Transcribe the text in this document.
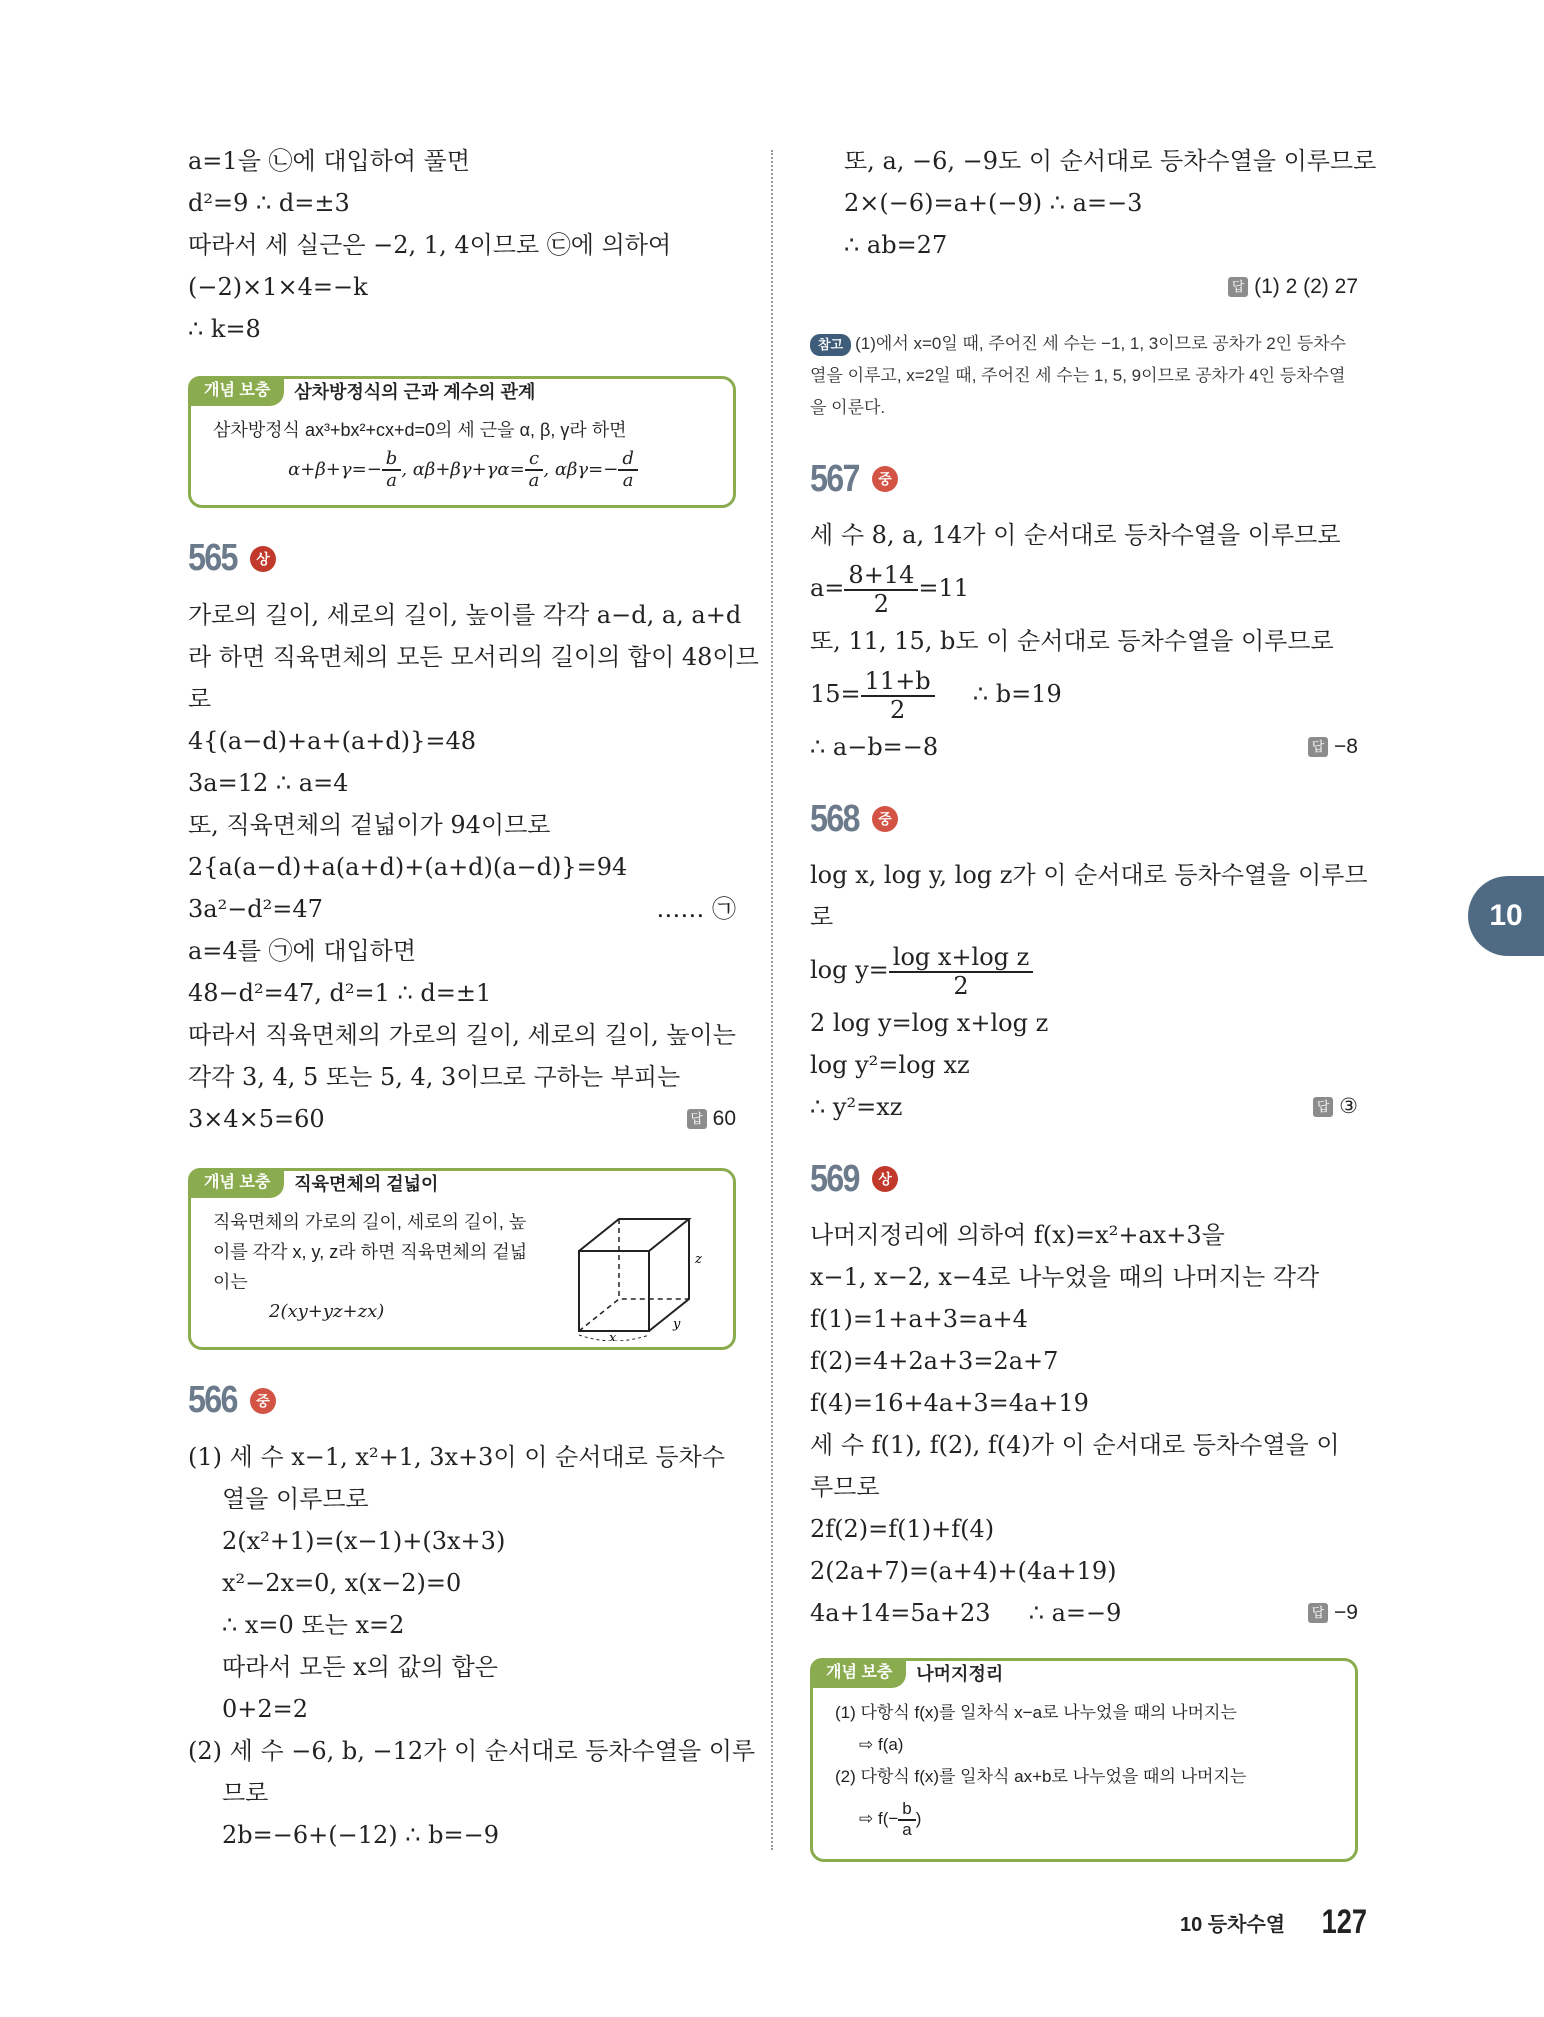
a=1을 ㉡에 대입하여 풀면
d²=9 ∴ d=±3
따라서 세 실근은 −2, 1, 4이므로 ㉢에 의하여
(−2)×1×4=−k
∴ k=8
개념 보충	삼차방정식의 근과 계수의 관계
삼차방정식 ax³+bx²+cx+d=0의 세 근을 α, β, γ라 하면
$\alpha+\beta+\gamma=- \frac{b}{a}$ , $\alpha\beta+\beta\gamma+\gamma\alpha= \frac{c}{a}$ , $\alpha\beta\gamma=- \frac{d}{a}$
565	상
가로의 길이, 세로의 길이, 높이를 각각 a−d, a, a+d
라 하면 직육면체의 모든 모서리의 길이의 합이 48이므
로
4{(a−d)+a+(a+d)}=48
3a=12 ∴ a=4
또, 직육면체의 겉넓이가 94이므로
2{a(a−d)+a(a+d)+(a+d)(a−d)}=94
3a²−d²=47	…… ㉠
a=4를 ㉠에 대입하면
48−d²=47, d²=1 ∴ d=±1
따라서 직육면체의 가로의 길이, 세로의 길이, 높이는
각각 3, 4, 5 또는 5, 4, 3이므로 구하는 부피는
3×4×5=60	답 60
개념 보충	직육면체의 겉넓이
직육면체의 가로의 길이, 세로의 길이, 높
이를 각각 x, y, z라 하면 직육면체의 겉넓
이는
2(xy+yz+zx)
x
y
z
566	중
(1) 세 수 x−1, x²+1, 3x+3이 이 순서대로 등차수
열을 이루므로
2(x²+1)=(x−1)+(3x+3)
x²−2x=0, x(x−2)=0
∴ x=0 또는 x=2
따라서 모든 x의 값의 합은
0+2=2
(2) 세 수 −6, b, −12가 이 순서대로 등차수열을 이루
므로
2b=−6+(−12) ∴ b=−9
또, a, −6, −9도 이 순서대로 등차수열을 이루므로
2×(−6)=a+(−9) ∴ a=−3
∴ ab=27
답 (1) 2 (2) 27
참고 (1)에서 x=0일 때, 주어진 세 수는 −1, 1, 3이므로 공차가 2인 등차수열을 이루고, x=2일 때, 주어진 세 수는 1, 5, 9이므로 공차가 4인 등차수열을 이룬다.
567	중
세 수 8, a, 14가 이 순서대로 등차수열을 이루므로
$a= \frac{8+14}{2} =11$
또, 11, 15, b도 이 순서대로 등차수열을 이루므로
$15= \frac{11+b}{2}$ ∴ b=19
∴ a−b=−8	답 −8
568	중
log x, log y, log z가 이 순서대로 등차수열을 이루므
로
$\log y= \frac{\text{log x+log z}}{2}$
2 log y=log x+log z
log y²=log xz
∴ y²=xz	답 ③
569	상
나머지정리에 의하여 f(x)=x²+ax+3을
x−1, x−2, x−4로 나누었을 때의 나머지는 각각
f(1)=1+a+3=a+4
f(2)=4+2a+3=2a+7
f(4)=16+4a+3=4a+19
세 수 f(1), f(2), f(4)가 이 순서대로 등차수열을 이
루므로
2f(2)=f(1)+f(4)
2(2a+7)=(a+4)+(4a+19)
4a+14=5a+23     ∴ a=−9	답 −9
개념 보충	나머지정리
(1) 다항식 f(x)를 일차식 x−a로 나누었을 때의 나머지는
⇨ f(a)
(2) 다항식 f(x)를 일차식 ax+b로 나누었을 때의 나머지는
⇨ $f(- \frac{b}{a}$ )
10
10 등차수열 127
